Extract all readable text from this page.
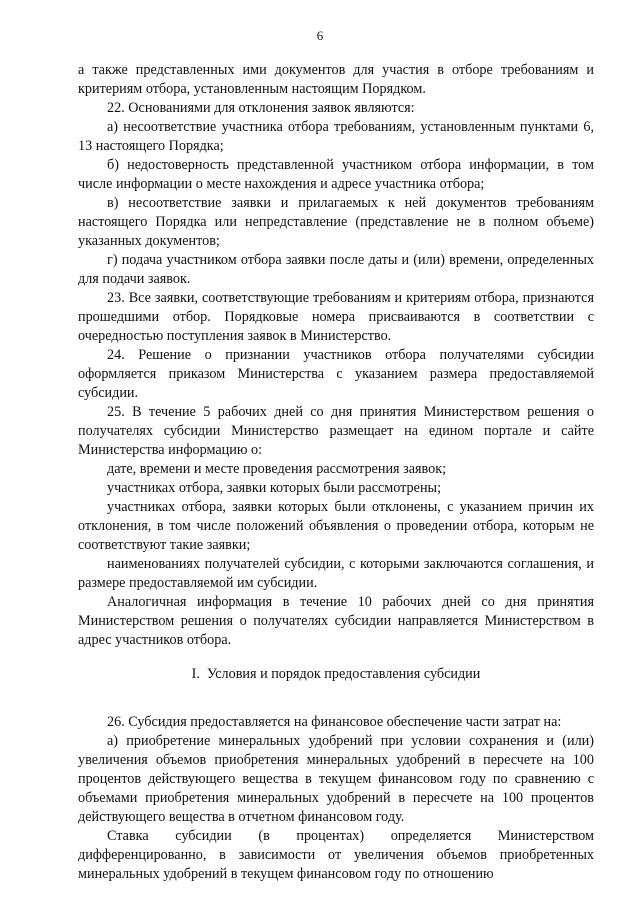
6

а также представленных ими документов для участия в отборе требованиям и критериям отбора, установленным настоящим Порядком.

22. Основаниями для отклонения заявок являются:

а) несоответствие участника отбора требованиям, установленным пунктами 6, 13 настоящего Порядка;

б) недостоверность представленной участником отбора информации, в том числе информации о месте нахождения и адресе участника отбора;

в) несоответствие заявки и прилагаемых к ней документов требованиям настоящего Порядка или непредставление (представление не в полном объеме) указанных документов;

г) подача участником отбора заявки после даты и (или) времени, определенных для подачи заявок.

23. Все заявки, соответствующие требованиям и критериям отбора, признаются прошедшими отбор. Порядковые номера присваиваются в соответствии с очередностью поступления заявок в Министерство.

24. Решение о признании участников отбора получателями субсидии оформляется приказом Министерства с указанием размера предоставляемой субсидии.

25. В течение 5 рабочих дней со дня принятия Министерством решения о получателях субсидии Министерство размещает на едином портале и сайте Министерства информацию о:

дате, времени и месте проведения рассмотрения заявок;

участниках отбора, заявки которых были рассмотрены;

участниках отбора, заявки которых были отклонены, с указанием причин их отклонения, в том числе положений объявления о проведении отбора, которым не соответствуют такие заявки;

наименованиях получателей субсидии, с которыми заключаются соглашения, и размере предоставляемой им субсидии.

Аналогичная информация в течение 10 рабочих дней со дня принятия Министерством решения о получателях субсидии направляется Министерством в адрес участников отбора.

I. Условия и порядок предоставления субсидии

26. Субсидия предоставляется на финансовое обеспечение части затрат на:

а) приобретение минеральных удобрений при условии сохранения и (или) увеличения объемов приобретения минеральных удобрений в пересчете на 100 процентов действующего вещества в текущем финансовом году по сравнению с объемами приобретения минеральных удобрений в пересчете на 100 процентов действующего вещества в отчетном финансовом году.

Ставка субсидии (в процентах) определяется Министерством дифференцированно, в зависимости от увеличения объемов приобретенных минеральных удобрений в текущем финансовом году по отношению
